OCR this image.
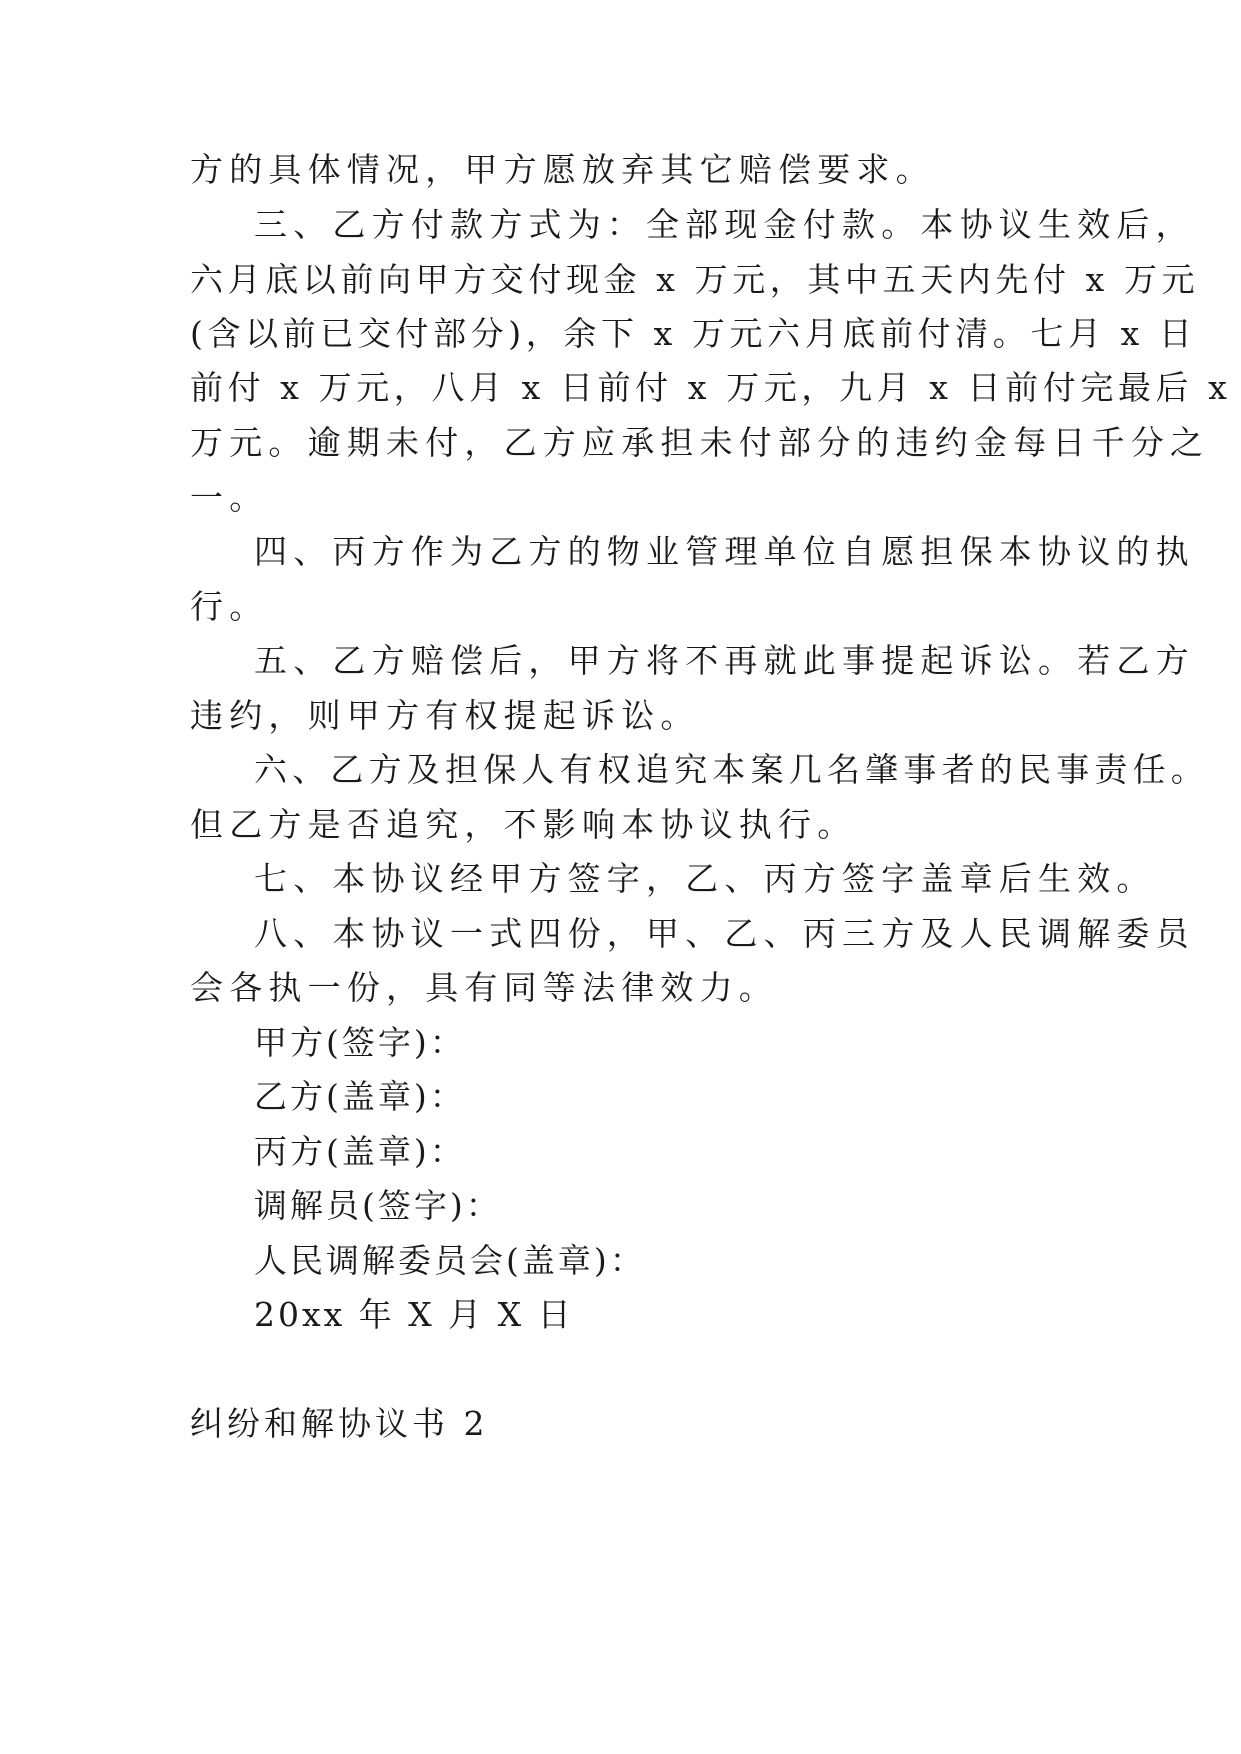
方的具体情况，甲方愿放弃其它赔偿要求。
三、乙方付款方式为：全部现金付款。本协议生效后，
六月底以前向甲方交付现金 x 万元，其中五天内先付 x 万元
(含以前已交付部分)，余下 x 万元六月底前付清。七月 x 日
前付 x 万元，八月 x 日前付 x 万元，九月 x 日前付完最后 x
万元。逾期未付，乙方应承担未付部分的违约金每日千分之
一。
四、丙方作为乙方的物业管理单位自愿担保本协议的执
行。
五、乙方赔偿后，甲方将不再就此事提起诉讼。若乙方
违约，则甲方有权提起诉讼。
六、乙方及担保人有权追究本案几名肇事者的民事责任。
但乙方是否追究，不影响本协议执行。
七、本协议经甲方签字，乙、丙方签字盖章后生效。
八、本协议一式四份，甲、乙、丙三方及人民调解委员
会各执一份，具有同等法律效力。
甲方(签字)：
乙方(盖章)：
丙方(盖章)：
调解员(签字)：
人民调解委员会(盖章)：
20xx 年 X 月 X 日
纠纷和解协议书 2
